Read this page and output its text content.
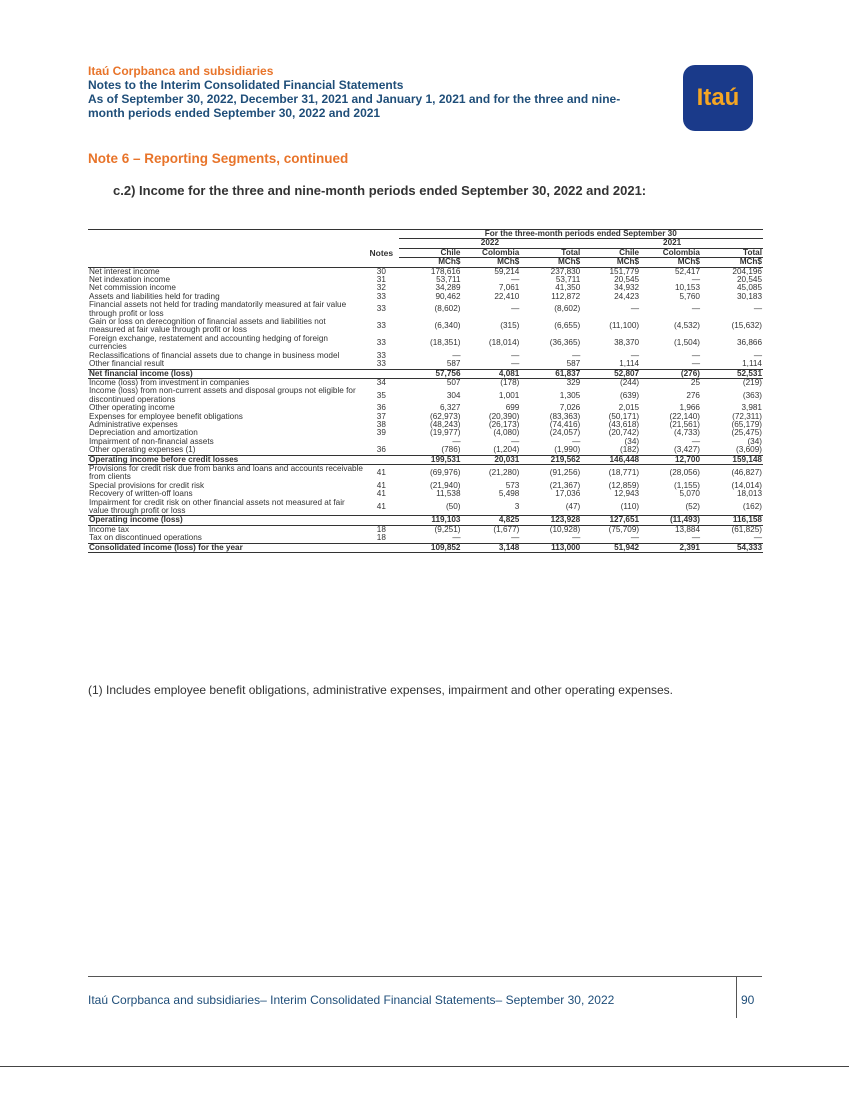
Itaú Corpbanca and subsidiaries
Notes to the Interim Consolidated Financial Statements
As of September 30, 2022, December 31, 2021 and January 1, 2021 and for the three and nine-
month periods ended September 30, 2022 and 2021
Itaú
Note 6 – Reporting Segments, continued
c.2) Income for the three and nine-month periods ended September 30, 2022 and 2021:
		For the three-month periods ended September 30					
		2022			2021		
	Notes	Chile	Colombia	Total	Chile	Colombia	Total
		MCh$	MCh$	MCh$	MCh$	MCh$	MCh$
Net interest income	30	178,616	59,214	237,830	151,779	52,417	204,196
Net indexation income	31	53,711	—	53,711	20,545	—	20,545
Net commission income	32	34,289	7,061	41,350	34,932	10,153	45,085
Assets and liabilities held for trading	33	90,462	22,410	112,872	24,423	5,760	30,183
Financial assets not held for trading mandatorily measured at fair value through profit or loss	33	(8,602)	—	(8,602)	—	—	—
Gain or loss on derecognition of financial assets and liabilities not measured at fair value through profit or loss	33	(6,340)	(315)	(6,655)	(11,100)	(4,532)	(15,632)
Foreign exchange, restatement and accounting hedging of foreign currencies	33	(18,351)	(18,014)	(36,365)	38,370	(1,504)	36,866
Reclassifications of financial assets due to change in business model	33	—	—	—	—	—	—
Other financial result	33	587	—	587	1,114	—	1,114
Net financial income (loss)		57,756	4,081	61,837	52,807	(276)	52,531
Income (loss) from investment in companies	34	507	(178)	329	(244)	25	(219)
Income (loss) from non-current assets and disposal groups not eligible for discontinued operations	35	304	1,001	1,305	(639)	276	(363)
Other operating income	36	6,327	699	7,026	2,015	1,966	3,981
Expenses for employee benefit obligations	37	(62,973)	(20,390)	(83,363)	(50,171)	(22,140)	(72,311)
Administrative expenses	38	(48,243)	(26,173)	(74,416)	(43,618)	(21,561)	(65,179)
Depreciation and amortization	39	(19,977)	(4,080)	(24,057)	(20,742)	(4,733)	(25,475)
Impairment of non-financial assets		—	—	—	(34)	—	(34)
Other operating expenses (1)	36	(786)	(1,204)	(1,990)	(182)	(3,427)	(3,609)
Operating income before credit losses		199,531	20,031	219,562	146,448	12,700	159,148
Provisions for credit risk due from banks and loans and accounts receivable from clients	41	(69,976)	(21,280)	(91,256)	(18,771)	(28,056)	(46,827)
Special provisions for credit risk	41	(21,940)	573	(21,367)	(12,859)	(1,155)	(14,014)
Recovery of written-off loans	41	11,538	5,498	17,036	12,943	5,070	18,013
Impairment for credit risk on other financial assets not measured at fair value through profit or loss	41	(50)	3	(47)	(110)	(52)	(162)
Operating income (loss)		119,103	4,825	123,928	127,651	(11,493)	116,158
Income tax	18	(9,251)	(1,677)	(10,928)	(75,709)	13,884	(61,825)
Tax on discontinued operations	18	—	—	—	—	—	—
Consolidated income (loss) for the year		109,852	3,148	113,000	51,942	2,391	54,333
(1) Includes employee benefit obligations, administrative expenses, impairment and other operating expenses.
Itaú Corpbanca and subsidiaries– Interim Consolidated Financial Statements– September 30, 2022	90
